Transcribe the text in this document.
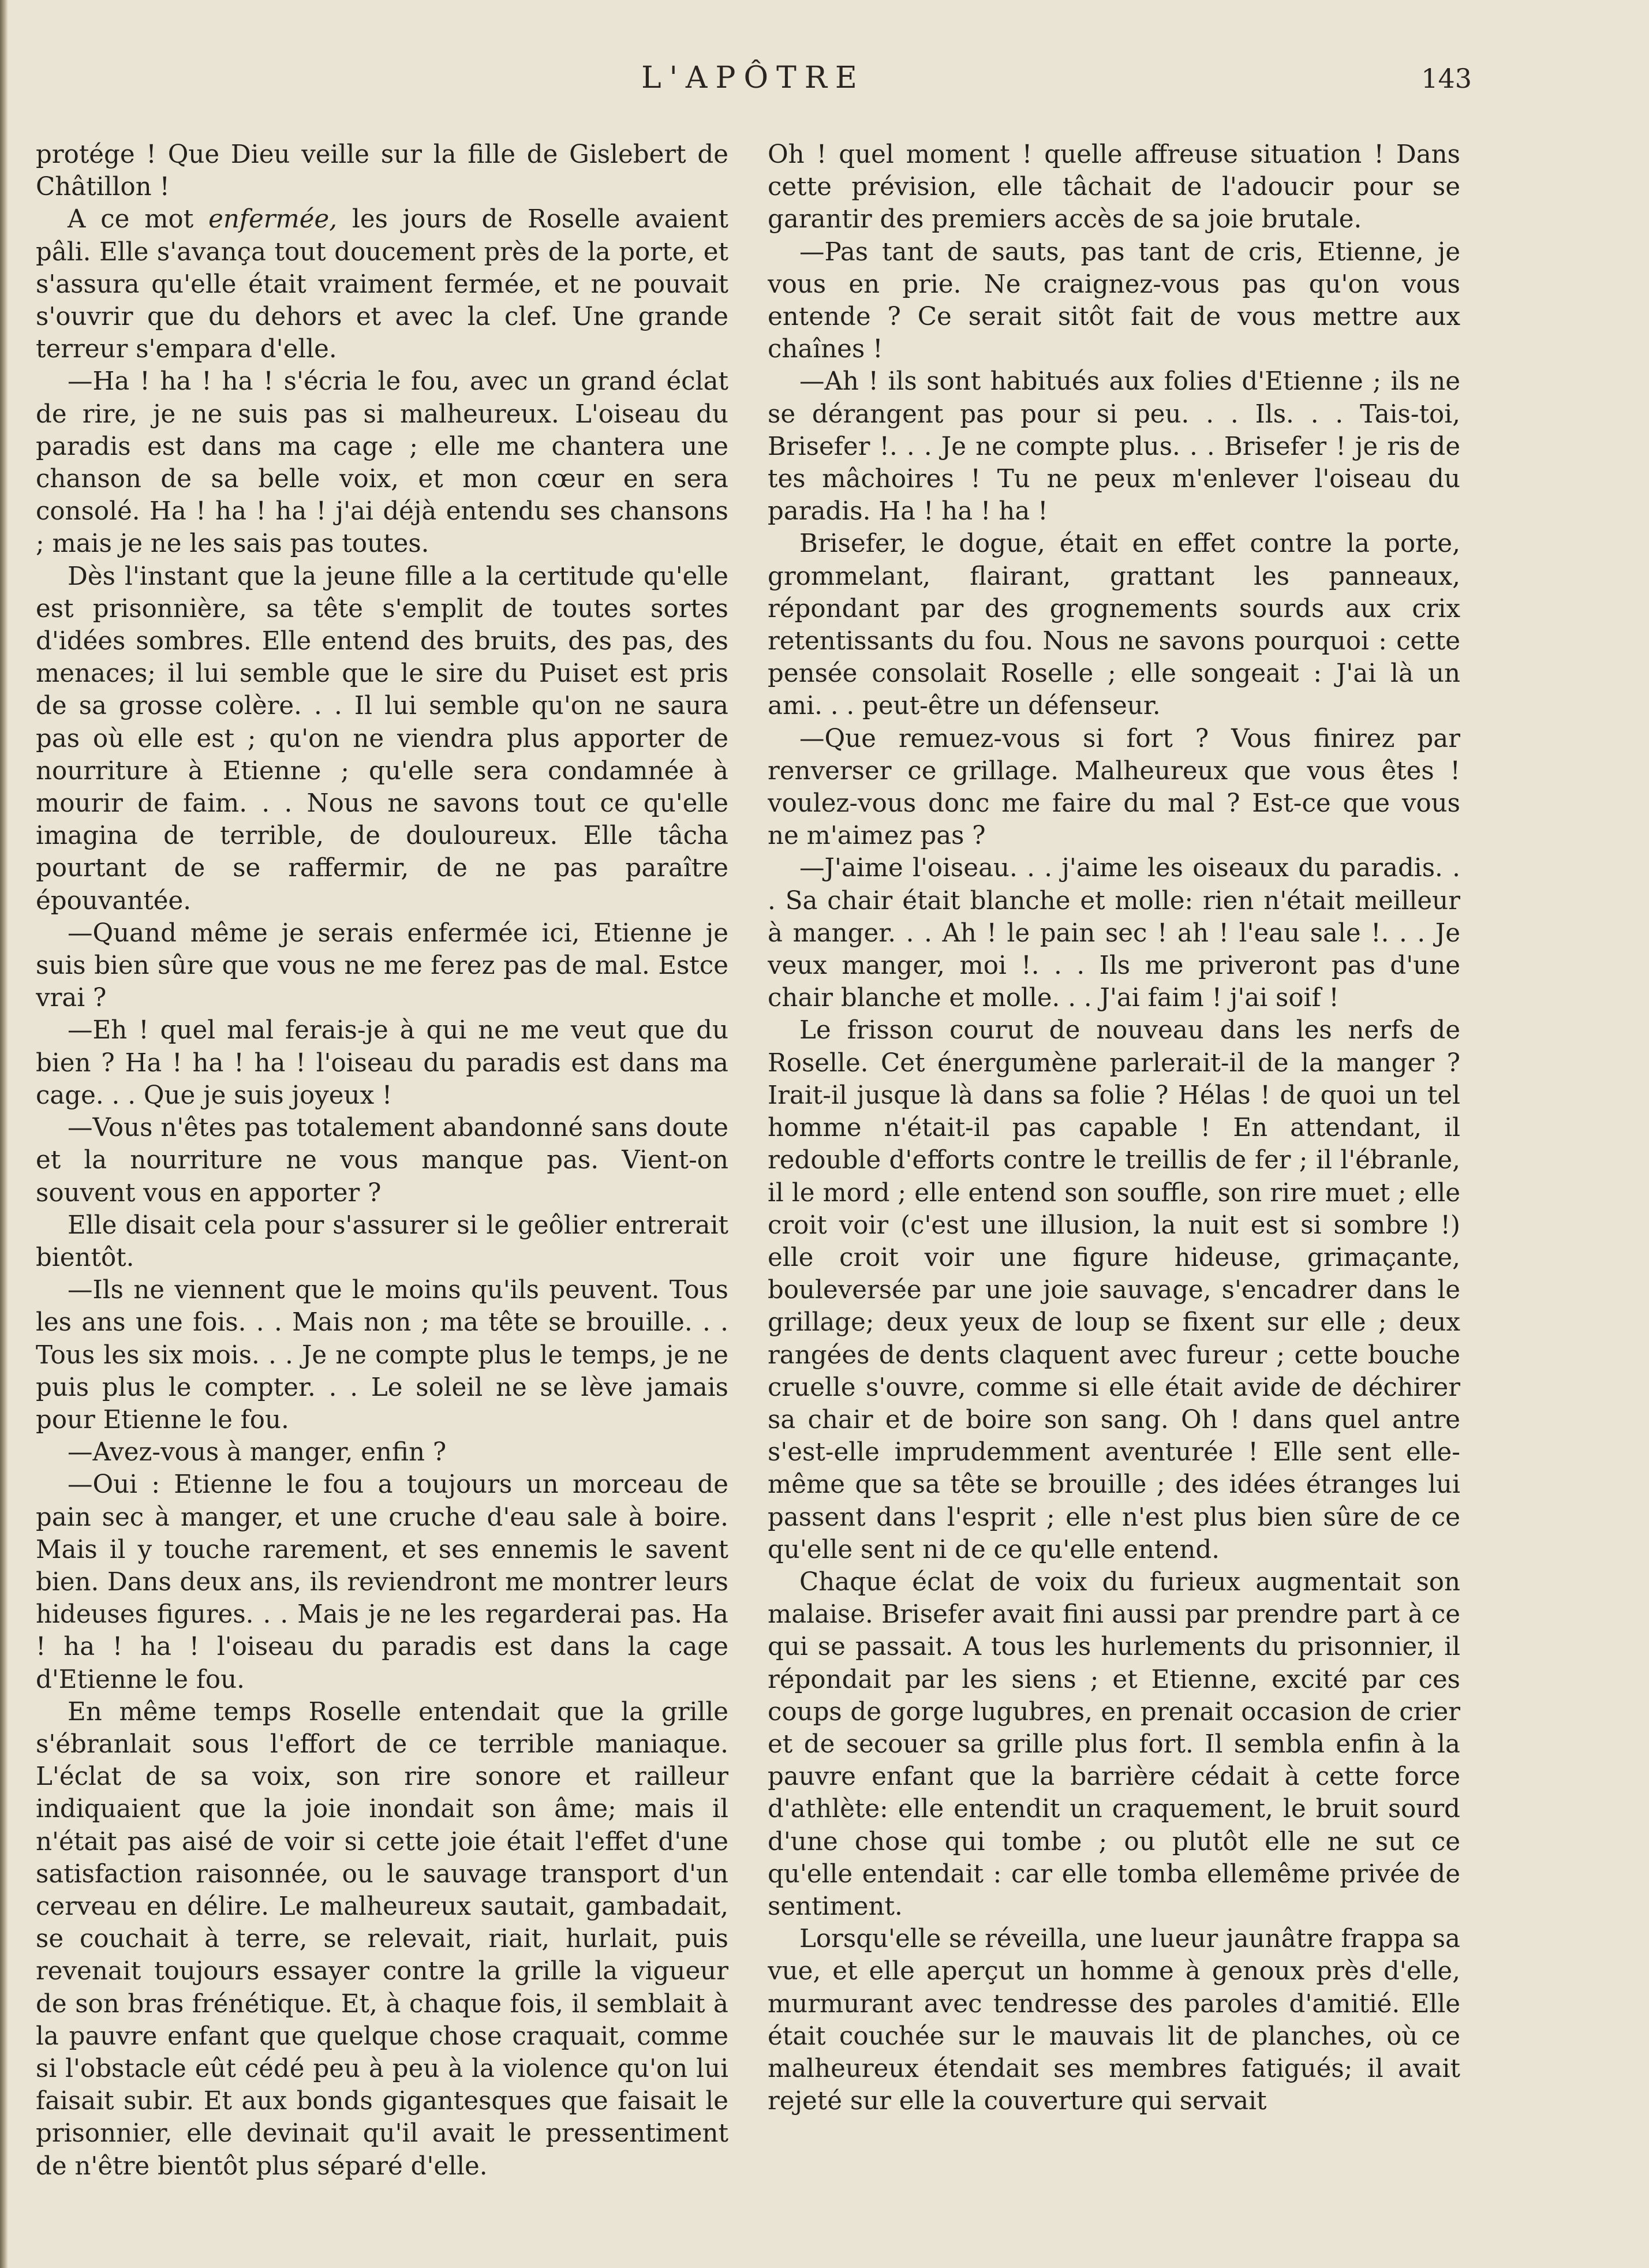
L'APÔTRE	143

protége ! Que Dieu veille sur la fille de Gislebert de Châtillon !

A ce mot enfermée, les jours de Roselle avaient pâli. Elle s'avança tout doucement près de la porte, et s'assura qu'elle était vraiment fermée, et ne pouvait s'ouvrir que du dehors et avec la clef. Une grande terreur s'empara d'elle.

—Ha ! ha ! ha ! s'écria le fou, avec un grand éclat de rire, je ne suis pas si malheureux. L'oiseau du paradis est dans ma cage ; elle me chantera une chanson de sa belle voix, et mon cœur en sera consolé. Ha ! ha ! ha ! j'ai déjà entendu ses chansons ; mais je ne les sais pas toutes.

Dès l'instant que la jeune fille a la certitude qu'elle est prisonnière, sa tête s'emplit de toutes sortes d'idées sombres. Elle entend des bruits, des pas, des menaces; il lui semble que le sire du Puiset est pris de sa grosse colère. . . Il lui semble qu'on ne saura pas où elle est ; qu'on ne viendra plus apporter de nourriture à Etienne ; qu'elle sera condamnée à mourir de faim. . . Nous ne savons tout ce qu'elle imagina de terrible, de douloureux. Elle tâcha pourtant de se raffermir, de ne pas paraître épouvantée.

—Quand même je serais enfermée ici, Etienne je suis bien sûre que vous ne me ferez pas de mal. Estce vrai ?

—Eh ! quel mal ferais-je à qui ne me veut que du bien ? Ha ! ha ! ha ! l'oiseau du paradis est dans ma cage. . . Que je suis joyeux !

—Vous n'êtes pas totalement abandonné sans doute et la nourriture ne vous manque pas. Vient-on souvent vous en apporter ?

Elle disait cela pour s'assurer si le geôlier entrerait bientôt.

—Ils ne viennent que le moins qu'ils peuvent. Tous les ans une fois. . . Mais non ; ma tête se brouille. . . Tous les six mois. . . Je ne compte plus le temps, je ne puis plus le compter. . . Le soleil ne se lève jamais pour Etienne le fou.

—Avez-vous à manger, enfin ?

—Oui : Etienne le fou a toujours un morceau de pain sec à manger, et une cruche d'eau sale à boire. Mais il y touche rarement, et ses ennemis le savent bien. Dans deux ans, ils reviendront me montrer leurs hideuses figures. . . Mais je ne les regarderai pas. Ha ! ha ! ha ! l'oiseau du paradis est dans la cage d'Etienne le fou.

En même temps Roselle entendait que la grille s'ébranlait sous l'effort de ce terrible maniaque. L'éclat de sa voix, son rire sonore et railleur indiquaient que la joie inondait son âme; mais il n'était pas aisé de voir si cette joie était l'effet d'une satisfaction raisonnée, ou le sauvage transport d'un cerveau en délire. Le malheureux sautait, gambadait, se couchait à terre, se relevait, riait, hurlait, puis revenait toujours essayer contre la grille la vigueur de son bras frénétique. Et, à chaque fois, il semblait à la pauvre enfant que quelque chose craquait, comme si l'obstacle eût cédé peu à peu à la violence qu'on lui faisait subir. Et aux bonds gigantesques que faisait le prisonnier, elle devinait qu'il avait le pressentiment de n'être bientôt plus séparé d'elle.

Oh ! quel moment ! quelle affreuse situation ! Dans cette prévision, elle tâchait de l'adoucir pour se garantir des premiers accès de sa joie brutale.

—Pas tant de sauts, pas tant de cris, Etienne, je vous en prie. Ne craignez-vous pas qu'on vous entende ? Ce serait sitôt fait de vous mettre aux chaînes !

—Ah ! ils sont habitués aux folies d'Etienne ; ils ne se dérangent pas pour si peu. . . Ils. . . Tais-toi, Brisefer !. . . Je ne compte plus. . . Brisefer ! je ris de tes mâchoires ! Tu ne peux m'enlever l'oiseau du paradis. Ha ! ha ! ha !

Brisefer, le dogue, était en effet contre la porte, grommelant, flairant, grattant les panneaux, répondant par des grognements sourds aux crix retentissants du fou. Nous ne savons pourquoi : cette pensée consolait Roselle ; elle songeait : J'ai là un ami. . . peut-être un défenseur.

—Que remuez-vous si fort ? Vous finirez par renverser ce grillage. Malheureux que vous êtes ! voulez-vous donc me faire du mal ? Est-ce que vous ne m'aimez pas ?

—J'aime l'oiseau. . . j'aime les oiseaux du paradis. . . Sa chair était blanche et molle: rien n'était meilleur à manger. . . Ah ! le pain sec ! ah ! l'eau sale !. . . Je veux manger, moi !. . . Ils me priveront pas d'une chair blanche et molle. . . J'ai faim ! j'ai soif !

Le frisson courut de nouveau dans les nerfs de Roselle. Cet énergumène parlerait-il de la manger ? Irait-il jusque là dans sa folie ? Hélas ! de quoi un tel homme n'était-il pas capable ! En attendant, il redouble d'efforts contre le treillis de fer ; il l'ébranle, il le mord ; elle entend son souffle, son rire muet ; elle croit voir (c'est une illusion, la nuit est si sombre !) elle croit voir une figure hideuse, grimaçante, bouleversée par une joie sauvage, s'encadrer dans le grillage; deux yeux de loup se fixent sur elle ; deux rangées de dents claquent avec fureur ; cette bouche cruelle s'ouvre, comme si elle était avide de déchirer sa chair et de boire son sang. Oh ! dans quel antre s'est-elle imprudemment aventurée ! Elle sent elle-même que sa tête se brouille ; des idées étranges lui passent dans l'esprit ; elle n'est plus bien sûre de ce qu'elle sent ni de ce qu'elle entend.

Chaque éclat de voix du furieux augmentait son malaise. Brisefer avait fini aussi par prendre part à ce qui se passait. A tous les hurlements du prisonnier, il répondait par les siens ; et Etienne, excité par ces coups de gorge lugubres, en prenait occasion de crier et de secouer sa grille plus fort. Il sembla enfin à la pauvre enfant que la barrière cédait à cette force d'athlète: elle entendit un craquement, le bruit sourd d'une chose qui tombe ; ou plutôt elle ne sut ce qu'elle entendait : car elle tomba ellemême privée de sentiment.

Lorsqu'elle se réveilla, une lueur jaunâtre frappa sa vue, et elle aperçut un homme à genoux près d'elle, murmurant avec tendresse des paroles d'amitié. Elle était couchée sur le mauvais lit de planches, où ce malheureux étendait ses membres fatigués; il avait rejeté sur elle la couverture qui servait
